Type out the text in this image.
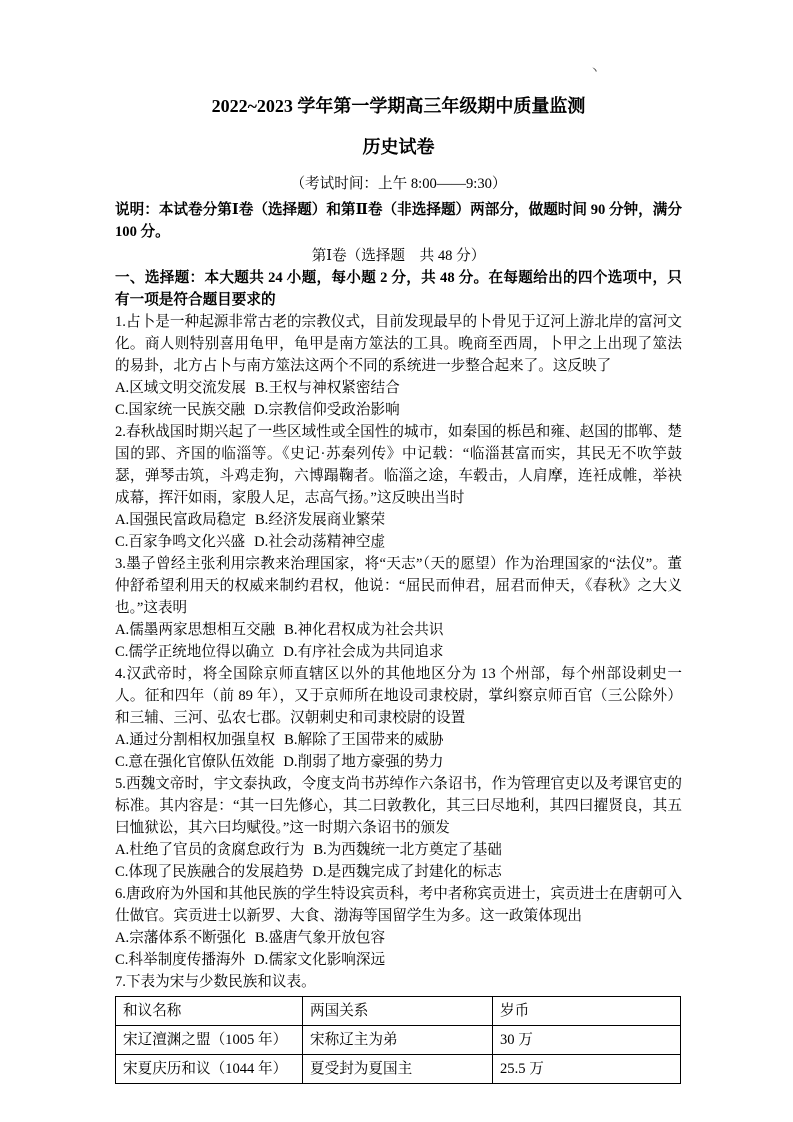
丶
2022~2023 学年第一学期高三年级期中质量监测
历史试卷

（考试时间：上午 8:00——9:30）

说明：本试卷分第Ⅰ卷（选择题）和第Ⅱ卷（非选择题）两部分，做题时间 90 分钟，满分 100 分。

第Ⅰ卷（选择题　共 48 分）

一、选择题：本大题共 24 小题，每小题 2 分，共 48 分。在每题给出的四个选项中，只有一项是符合题目要求的

1.占卜是一种起源非常古老的宗教仪式，目前发现最早的卜骨见于辽河上游北岸的富河文化。商人则特别喜用龟甲，龟甲是南方筮法的工具。晚商至西周，卜甲之上出现了筮法的易卦，北方占卜与南方筮法这两个不同的系统进一步整合起来了。这反映了

A.区域文明交流发展 B.王权与神权紧密结合
C.国家统一民族交融 D.宗教信仰受政治影响

2.春秋战国时期兴起了一些区域性或全国性的城市，如秦国的栎邑和雍、赵国的邯郸、楚国的郢、齐国的临淄等。《史记·苏秦列传》中记载：“临淄甚富而实，其民无不吹竽鼓瑟，弹琴击筑，斗鸡走狗，六博蹋鞠者。临淄之途，车毂击，人肩摩，连衽成帷，举袂成幕，挥汗如雨，家殷人足，志高气扬。”这反映出当时

A.国强民富政局稳定 B.经济发展商业繁荣
C.百家争鸣文化兴盛 D.社会动荡精神空虚

3.墨子曾经主张利用宗教来治理国家，将“天志”（天的愿望）作为治理国家的“法仪”。董仲舒希望利用天的权威来制约君权，他说：“屈民而伸君，屈君而伸天，《春秋》之大义也。”这表明

A.儒墨两家思想相互交融 B.神化君权成为社会共识
C.儒学正统地位得以确立 D.有序社会成为共同追求

4.汉武帝时，将全国除京师直辖区以外的其他地区分为 13 个州部，每个州部设刺史一人。征和四年（前 89 年），又于京师所在地设司隶校尉，掌纠察京师百官（三公除外）和三辅、三河、弘农七郡。汉朝刺史和司隶校尉的设置

A.通过分割相权加强皇权 B.解除了王国带来的威胁
C.意在强化官僚队伍效能 D.削弱了地方豪强的势力

5.西魏文帝时，宇文泰执政，令度支尚书苏绰作六条诏书，作为管理官吏以及考课官吏的标准。其内容是：“其一曰先修心，其二曰敦教化，其三曰尽地利，其四曰擢贤良，其五曰恤狱讼，其六曰均赋役。”这一时期六条诏书的颁发

A.杜绝了官员的贪腐怠政行为 B.为西魏统一北方奠定了基础
C.体现了民族融合的发展趋势 D.是西魏完成了封建化的标志

6.唐政府为外国和其他民族的学生特设宾贡科，考中者称宾贡进士，宾贡进士在唐朝可入仕做官。宾贡进士以新罗、大食、渤海等国留学生为多。这一政策体现出

A.宗藩体系不断强化 B.盛唐气象开放包容
C.科举制度传播海外 D.儒家文化影响深远

7.下表为宋与少数民族和议表。

和议名称	两国关系	岁币
宋辽澶渊之盟（1005 年）	宋称辽主为弟	30 万
宋夏庆历和议（1044 年）	夏受封为夏国主	25.5 万
